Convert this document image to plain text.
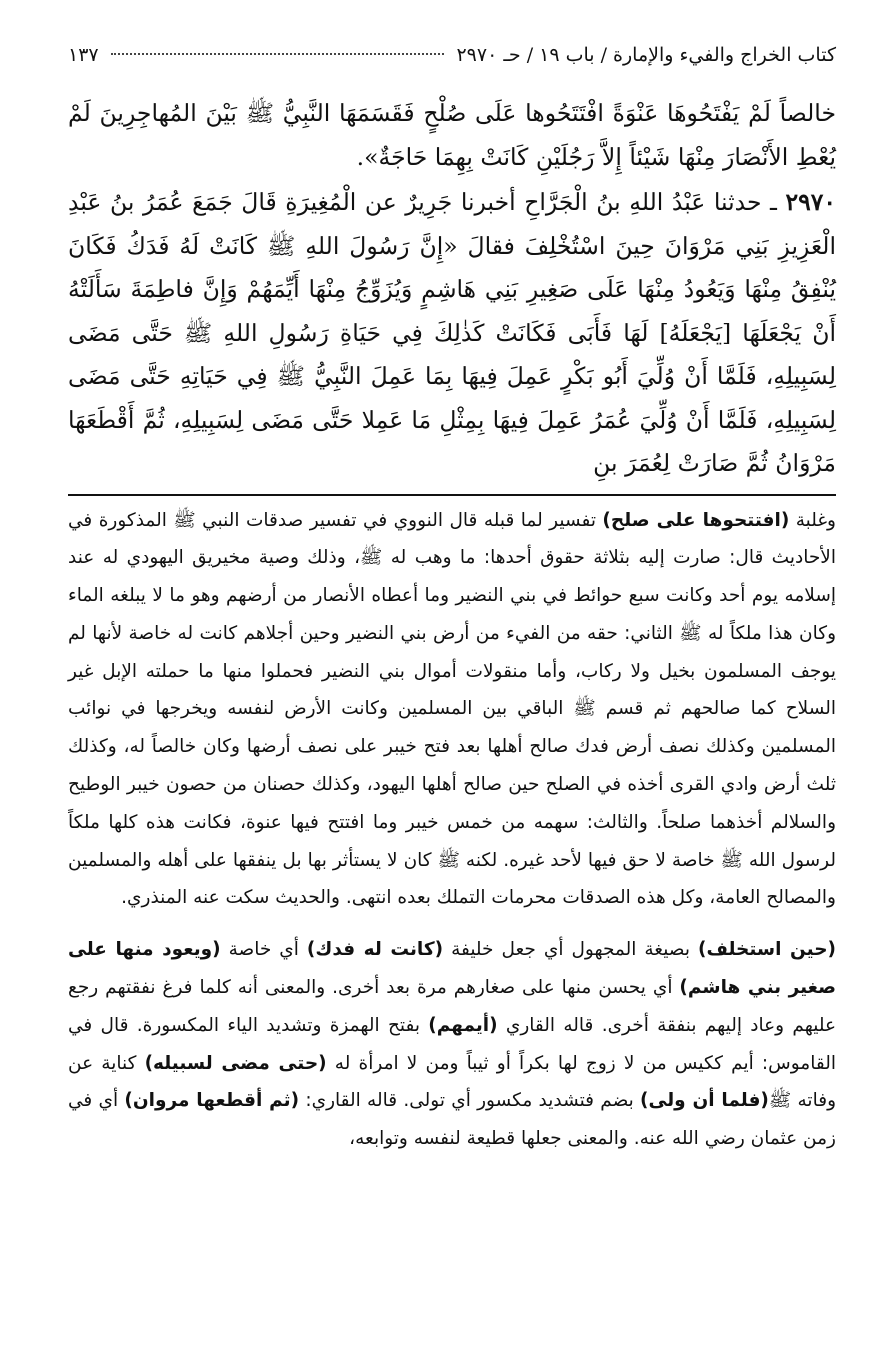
كتاب الخراج والفيء والإمارة / باب ١٩ / حـ ٢٩٧٠
١٣٧

خالصاً لَمْ يَفْتَحُوهَا عَنْوَةً افْتَتَحُوها عَلَى صُلْحٍ فَقَسَمَهَا النَّبِيُّ ﷺ بَيْنَ المُهاجِرِينَ لَمْ يُعْطِ الأَنْصَارَ مِنْهَا شَيْئاً إِلاَّ رَجُلَيْنِ كَانَتْ بِهِمَا حَاجَةٌ».

٢٩٧٠ ـ حدثنا عَبْدُ اللهِ بنُ الْجَرَّاحِ أخبرنا جَرِيرٌ عن الْمُغِيرَةِ قَالَ جَمَعَ عُمَرُ بنُ عَبْدِ الْعَزِيزِ بَنِي مَرْوَانَ حِينَ اسْتُخْلِفَ فقالَ «إِنَّ رَسُولَ اللهِ ﷺ كَانَتْ لَهُ فَدَكُ فَكَانَ يُنْفِقُ مِنْهَا وَيَعُودُ مِنْهَا عَلَى صَغِيرِ بَنِي هَاشِمٍ وَيُزَوِّجُ مِنْهَا أَيِّمَهُمْ وَإِنَّ فاطِمَةَ سَأَلَتْهُ أَنْ يَجْعَلَهَا [يَجْعَلَهُ] لَهَا فَأَبَى فَكَانَتْ كَذٰلِكَ فِي حَيَاةِ رَسُولِ اللهِ ﷺ حَتَّى مَضَى لِسَبِيلِهِ، فَلَمَّا أَنْ وُلِّيَ أَبُو بَكْرٍ عَمِلَ فِيهَا بِمَا عَمِلَ النَّبِيُّ ﷺ فِي حَيَاتِهِ حَتَّى مَضَى لِسَبِيلِهِ، فَلَمَّا أَنْ وُلِّيَ عُمَرُ عَمِلَ فِيهَا بِمِثْلِ مَا عَمِلا حَتَّى مَضَى لِسَبِيلِهِ، ثُمَّ أَقْطَعَهَا مَرْوَانُ ثُمَّ صَارَتْ لِعُمَرَ بنِ

وغلبة (افتتحوها على صلح) تفسير لما قبله قال النووي في تفسير صدقات النبي ﷺ المذكورة في الأحاديث قال: صارت إليه بثلاثة حقوق أحدها: ما وهب له ﷺ، وذلك وصية مخيريق اليهودي له عند إسلامه يوم أحد وكانت سبع حوائط في بني النضير وما أعطاه الأنصار من أرضهم وهو ما لا يبلغه الماء وكان هذا ملكاً له ﷺ الثاني: حقه من الفيء من أرض بني النضير وحين أجلاهم كانت له خاصة لأنها لم يوجف المسلمون بخيل ولا ركاب، وأما منقولات أموال بني النضير فحملوا منها ما حملته الإبل غير السلاح كما صالحهم ثم قسم ﷺ الباقي بين المسلمين وكانت الأرض لنفسه ويخرجها في نوائب المسلمين وكذلك نصف أرض فدك صالح أهلها بعد فتح خيبر على نصف أرضها وكان خالصاً له، وكذلك ثلث أرض وادي القرى أخذه في الصلح حين صالح أهلها اليهود، وكذلك حصنان من حصون خيبر الوطيح والسلالم أخذهما صلحاً. والثالث: سهمه من خمس خيبر وما افتتح فيها عنوة، فكانت هذه كلها ملكاً لرسول الله ﷺ خاصة لا حق فيها لأحد غيره. لكنه ﷺ كان لا يستأثر بها بل ينفقها على أهله والمسلمين والمصالح العامة، وكل هذه الصدقات محرمات التملك بعده انتهى. والحديث سكت عنه المنذري.

(حين استخلف) بصيغة المجهول أي جعل خليفة (كانت له فدك) أي خاصة (ويعود منها على صغير بني هاشم) أي يحسن منها على صغارهم مرة بعد أخرى. والمعنى أنه كلما فرغ نفقتهم رجع عليهم وعاد إليهم بنفقة أخرى. قاله القاري (أيمهم) بفتح الهمزة وتشديد الياء المكسورة. قال في القاموس: أيم ككيس من لا زوج لها بكراً أو ثيباً ومن لا امرأة له (حتى مضى لسبيله) كناية عن وفاته ﷺ(فلما أن ولى) بضم فتشديد مكسور أي تولى. قاله القاري: (ثم أقطعها مروان) أي في زمن عثمان رضي الله عنه. والمعنى جعلها قطيعة لنفسه وتوابعه،
